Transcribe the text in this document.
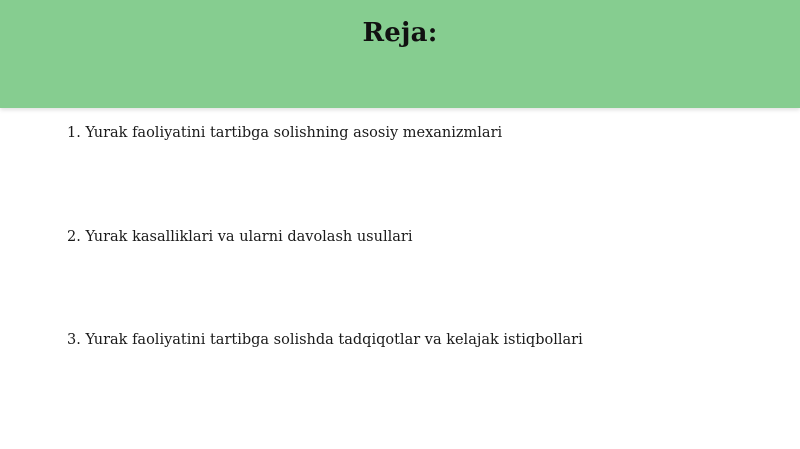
Reja:
1. Yurak faoliyatini tartibga solishning asosiy mexanizmlari
2. Yurak kasalliklari va ularni davolash usullari
3. Yurak faoliyatini tartibga solishda tadqiqotlar va kelajak istiqbollari
